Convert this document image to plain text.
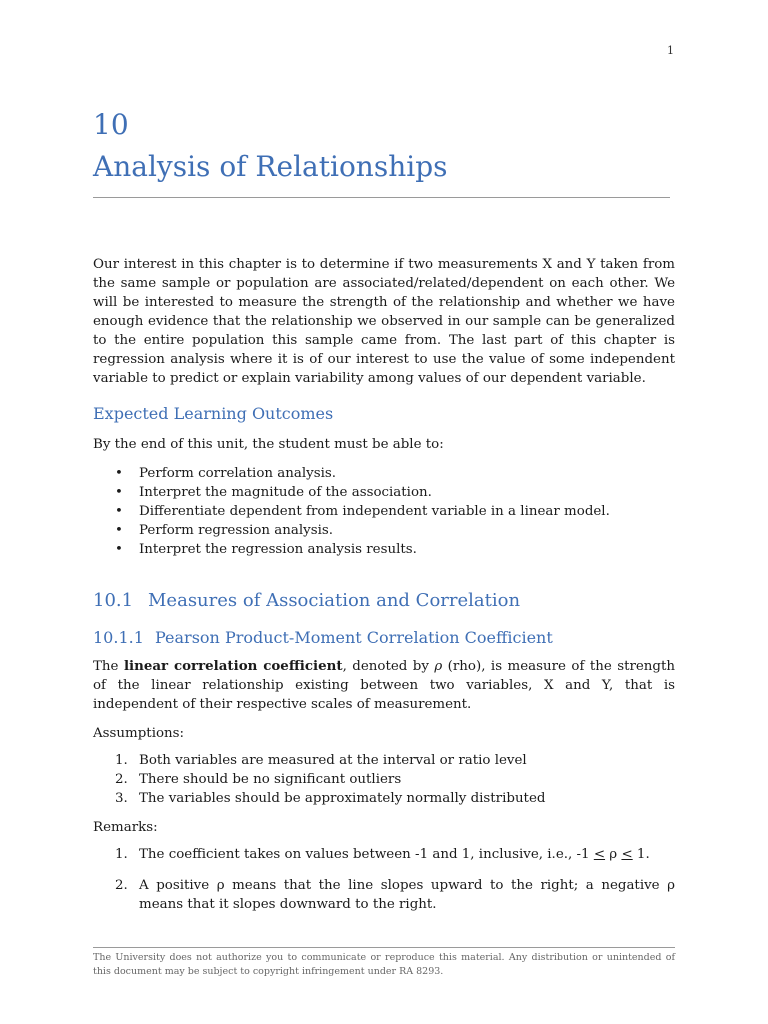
1
10
Analysis of Relationships

Our interest in this chapter is to determine if two measurements X and Y taken from the same sample or population are associated/related/dependent on each other. We will be interested to measure the strength of the relationship and whether we have enough evidence that the relationship we observed in our sample can be generalized to the entire population this sample came from. The last part of this chapter is regression analysis where it is of our interest to use the value of some independent variable to predict or explain variability among values of our dependent variable.

Expected Learning Outcomes

By the end of this unit, the student must be able to:

• Perform correlation analysis.
• Interpret the magnitude of the association.
• Differentiate dependent from independent variable in a linear model.
• Perform regression analysis.
• Interpret the regression analysis results.
10.1 Measures of Association and Correlation
10.1.1 Pearson Product-Moment Correlation Coefficient

The linear correlation coefficient, denoted by ρ (rho), is measure of the strength of the linear relationship existing between two variables, X and Y, that is independent of their respective scales of measurement.

Assumptions:

1. Both variables are measured at the interval or ratio level
2. There should be no significant outliers
3. The variables should be approximately normally distributed

Remarks:

1. The coefficient takes on values between -1 and 1, inclusive, i.e., -1 ≤ ρ ≤ 1.
2. A positive ρ means that the line slopes upward to the right; a negative ρ means that it slopes downward to the right.
The University does not authorize you to communicate or reproduce this material. Any distribution or unintended of this document may be subject to copyright infringement under RA 8293.
